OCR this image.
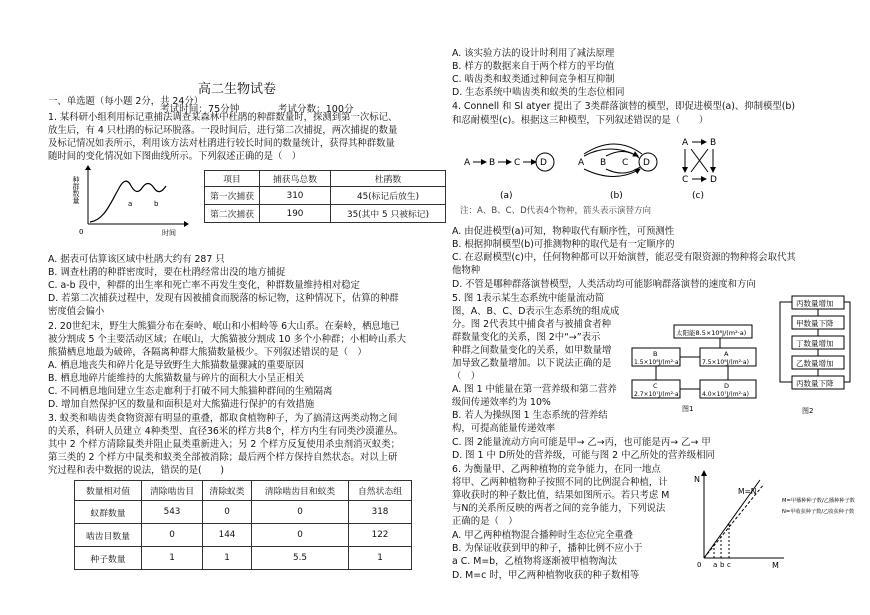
高二生物试卷
考试时间：75分钟　　　　考试分数：100分
一、单选题（每小题 2分，共 24分）
1. 某科研小组利用标记重捕法调查某森林中杜鹃的种群数量时，探测到第一次标记、
放生后，有 4 只杜鹃的标记环脱落。一段时间后，进行第二次捕捉，两次捕捉的数量
及标记情况如表所示，利用该方法对杜鹃进行较长时间的数量统计，获得其种群数量
随时间的变化情况如下图曲线所示。下列叙述正确的是（　）
种群数量
0	时间
a	b
项目	捕获鸟总数	杜鹃数
第一次捕获	310	45(标记后放生)
第二次捕获	190	35(其中 5 只被标记)
A. 据表可估算该区域中杜鹃大约有 287 只
B. 调查杜鹃的种群密度时，要在杜鹃经常出没的地方捕捉
C. a-b 段中，种群的出生率和死亡率不再发生变化，种群数量维持相对稳定
D. 若第二次捕获过程中，发现有因被捕食而脱落的标记物，这种情况下，估算的种群
密度值会偏小
2. 20世纪末，野生大熊猫分布在秦岭、岷山和小相岭等 6大山系。在秦岭，栖息地已
被分割成 5 个主要活动区域；在岷山，大熊猫被分割成 10 多个小种群；小相岭山系大
熊猫栖息地最为破碎，各隔离种群大熊猫数量极少。下列叙述错误的是（　）
A. 栖息地丧失和碎片化是导致野生大熊猫数量骤减的重要原因
B. 栖息地碎片能维持的大熊猫数量与碎片的面积大小呈正相关
C. 不同栖息地间建立生态走廊利于打破不同大熊猫种群间的生殖隔离
D. 增加自然保护区的数量和面积是对大熊猫进行保护的有效措施
3. 蚁类和啮齿类食物资源有明显的重叠，都取食植物种子，为了搞清这两类动物之间
的关系，科研人员建立 4种类型、直径36米的样方共8个，样方内生有同类沙漠灌丛。
其中 2 个样方清除鼠类并阻止鼠类重新进入；另 2 个样方反复使用杀虫剂消灭蚁类；
第三类的 2 个样方中鼠类和蚁类全部被消除；最后两个样方保持自然状态。对以上研
究过程和表中数据的说法，错误的是(　　)
数量相对值	清除啮齿目	清除蚁类	清除啮齿目和蚁类	自然状态组
蚁群数量	543	0	0	318
啮齿目数量	0	144	0	122
种子数量	1	1	5.5	1
A. 该实验方法的设计时利用了减法原理
B. 样方的数据来自于两个样方的平均值
C. 啮齿类和蚁类通过种间竞争相互抑制
D. 生态系统中啮齿类和蚁类的生态位相同
4. Connell 和 Sl atyer 提出了 3类群落演替的模型，即促进模型(a)、抑制模型(b)
和忍耐模型(c)。根据这三种模型，下列叙述错误的是（　　）
A B C D
(a)
A B C D
(b)
A B
C D
(c)
注：A、B、C、D代表4个物种，箭头表示演替方向
A. 由促进模型(a)可知，物种取代有顺序性，可预测性
B. 根据抑制模型(b)可推测物种的取代是有一定顺序的
C. 在忍耐模型(c)中，任何物种都可以开始演替，能忍受有限资源的物种将会取代其
他物种
D. 不管是哪种群落演替模型，人类活动均可能影响群落演替的速度和方向
5. 图 1表示某生态系统中能量流动简
图，A、B、C、D表示生态系统的组成成
分。图 2代表其中捕食者与被捕食者种
群数量变化的关系，图 2中“→”表示
种群之间数量变化的关系，如甲数量增
加导致乙数量增加。以下说法正确的是
（　）
太阳能8.5×10⁸J/(m²·a)
B
1.5×10⁸J/(m²·a)
A
7.5×10⁸J/(m²·a)
C
2.7×10⁷J/(m²·a)
D
4.0×10⁷J/(m²·a)
图1
丙数量增加
甲数量下降
丁数量增加
乙数量增加
丙数量下降
图2
A. 图 1 中能量在第一营养级和第二营养
级间传递效率约为 10%
B. 若人为操纵图 1 生态系统的营养结
构，可提高能量传递效率
C. 图 2能量流动方向可能是甲→ 乙→丙，也可能是丙→ 乙→ 甲
D. 图 1 中 D所处的营养级，可能与图 2 中乙所处的营养级相同
6. 为衡量甲、乙两种植物的竞争能力，在同一地点
将甲、乙两种植物种子按照不同的比例混合种植，计
算收获时的种子数比值，结果如图所示。若只考虑 M
与N的关系所反映的两者之间的竞争能力，下列说法
正确的是（　）
A. 甲乙两种植物混合播种时生态位完全重叠
B. 为保证收获到甲的种子，播种比例不应小于
a C. M=b，乙植物将逐渐被甲植物淘汰
D. M=c 时，甲乙两种植物收获的种子数相等
N
M
0 a b c
M=N
M=甲播种种子数/乙播种种子数
N=甲收获种子数/乙收获种子数
